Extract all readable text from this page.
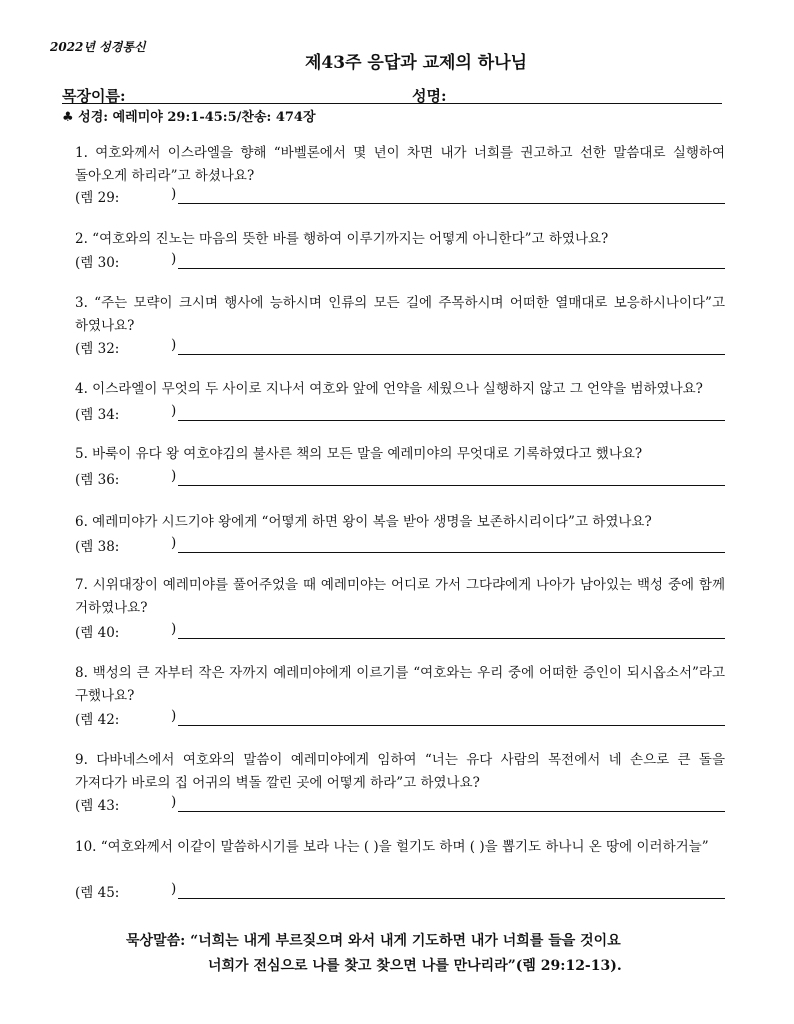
2022년 성경통신
제43주 응답과 교제의 하나님
목장이름:	성명:
♣ 성경: 예레미야 29:1-45:5/찬송: 474장
1. 여호와께서 이스라엘을 향해 “바벨론에서 몇 년이 차면 내가 너희를 권고하고 선한 말씀대로 실행하여 돌아오게 하리라”고 하셨나요?
(렘 29:	)
2. “여호와의 진노는 마음의 뜻한 바를 행하여 이루기까지는 어떻게 아니한다”고 하였나요?
(렘 30:	)
3. “주는 모략이 크시며 행사에 능하시며 인류의 모든 길에 주목하시며 어떠한 열매대로 보응하시나이다”고 하였나요?
(렘 32:	)
4. 이스라엘이 무엇의 두 사이로 지나서 여호와 앞에 언약을 세웠으나 실행하지 않고 그 언약을 범하였나요?
(렘 34:	)
5. 바룩이 유다 왕 여호야김의 불사른 책의 모든 말을 예레미야의 무엇대로 기록하였다고 했나요?
(렘 36:	)
6. 예레미야가 시드기야 왕에게 “어떻게 하면 왕이 복을 받아 생명을 보존하시리이다”고 하였나요?
(렘 38:	)
7. 시위대장이 예레미야를 풀어주었을 때 예레미야는 어디로 가서 그다랴에게 나아가 남아있는 백성 중에 함께 거하였나요?
(렘 40:	)
8. 백성의 큰 자부터 작은 자까지 예레미야에게 이르기를 “여호와는 우리 중에 어떠한 증인이 되시옵소서”라고 구했나요?
(렘 42:	)
9. 다바네스에서 여호와의 말씀이 예레미야에게 임하여 “너는 유다 사람의 목전에서 네 손으로 큰 돌을 가져다가 바로의 집 어귀의 벽돌 깔린 곳에 어떻게 하라”고 하였나요?
(렘 43:	)
10. “여호와께서 이같이 말씀하시기를 보라 나는 ( )을 헐기도 하며 ( )을 뽑기도 하나니 온 땅에 이러하거늘”
(렘 45:	)
묵상말씀: “너희는 내게 부르짖으며 와서 내게 기도하면 내가 너희를 들을 것이요
너희가 전심으로 나를 찾고 찾으면 나를 만나리라”(렘 29:12-13).
